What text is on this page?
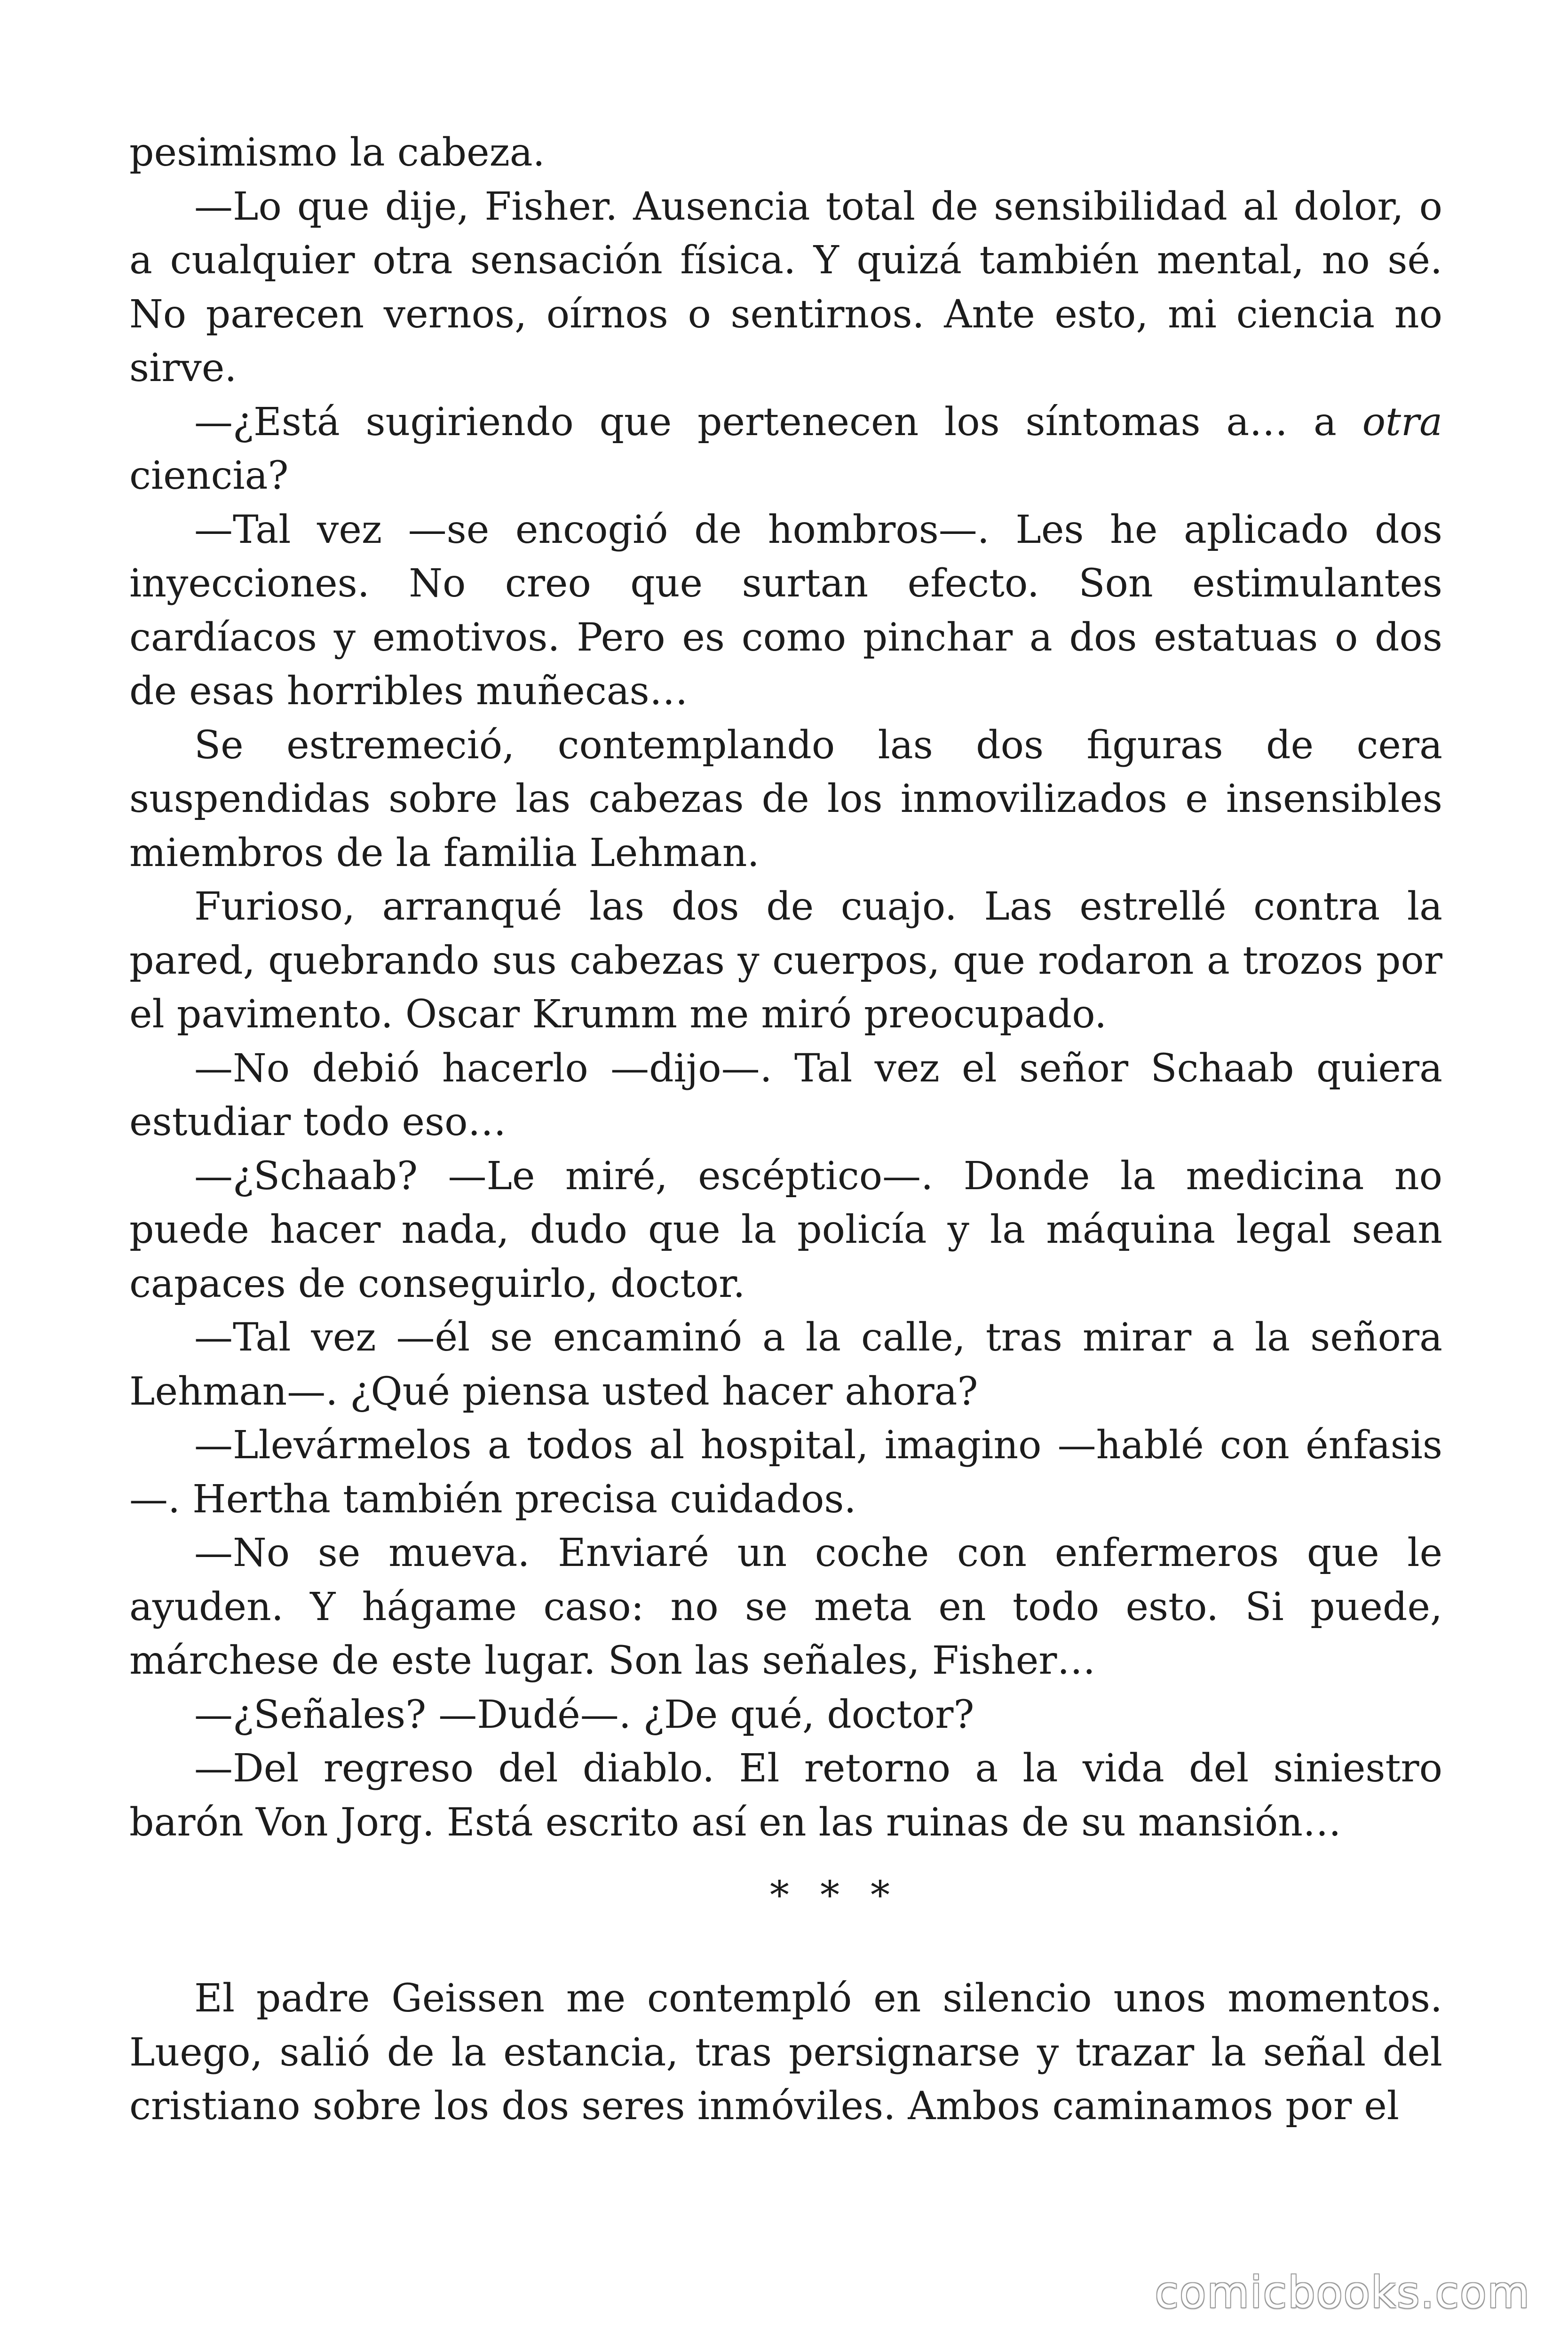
pesimismo la cabeza.

—Lo que dije, Fisher. Ausencia total de sensibilidad al dolor, o a cualquier otra sensación física. Y quizá también mental, no sé. No parecen vernos, oírnos o sentirnos. Ante esto, mi ciencia no sirve.

—¿Está sugiriendo que pertenecen los síntomas a… a otra ciencia?

—Tal vez —se encogió de hombros—. Les he aplicado dos inyecciones. No creo que surtan efecto. Son estimulantes cardíacos y emotivos. Pero es como pinchar a dos estatuas o dos de esas horribles muñecas…

Se estremeció, contemplando las dos figuras de cera suspendidas sobre las cabezas de los inmovilizados e insensibles miembros de la familia Lehman.

Furioso, arranqué las dos de cuajo. Las estrellé contra la pared, quebrando sus cabezas y cuerpos, que rodaron a trozos por el pavimento. Oscar Krumm me miró preocupado.

—No debió hacerlo —dijo—. Tal vez el señor Schaab quiera estudiar todo eso…

—¿Schaab? —Le miré, escéptico—. Donde la medicina no puede hacer nada, dudo que la policía y la máquina legal sean capaces de conseguirlo, doctor.

—Tal vez —él se encaminó a la calle, tras mirar a la señora Lehman—. ¿Qué piensa usted hacer ahora?

—Llevármelos a todos al hospital, imagino —hablé con énfasis —. Hertha también precisa cuidados.

—No se mueva. Enviaré un coche con enfermeros que le ayuden. Y hágame caso: no se meta en todo esto. Si puede, márchese de este lugar. Son las señales, Fisher…

—¿Señales? —Dudé—. ¿De qué, doctor?

—Del regreso del diablo. El retorno a la vida del siniestro barón Von Jorg. Está escrito así en las ruinas de su mansión…

* * *

El padre Geissen me contempló en silencio unos momentos. Luego, salió de la estancia, tras persignarse y trazar la señal del cristiano sobre los dos seres inmóviles. Ambos caminamos por el

comicbooks.com
